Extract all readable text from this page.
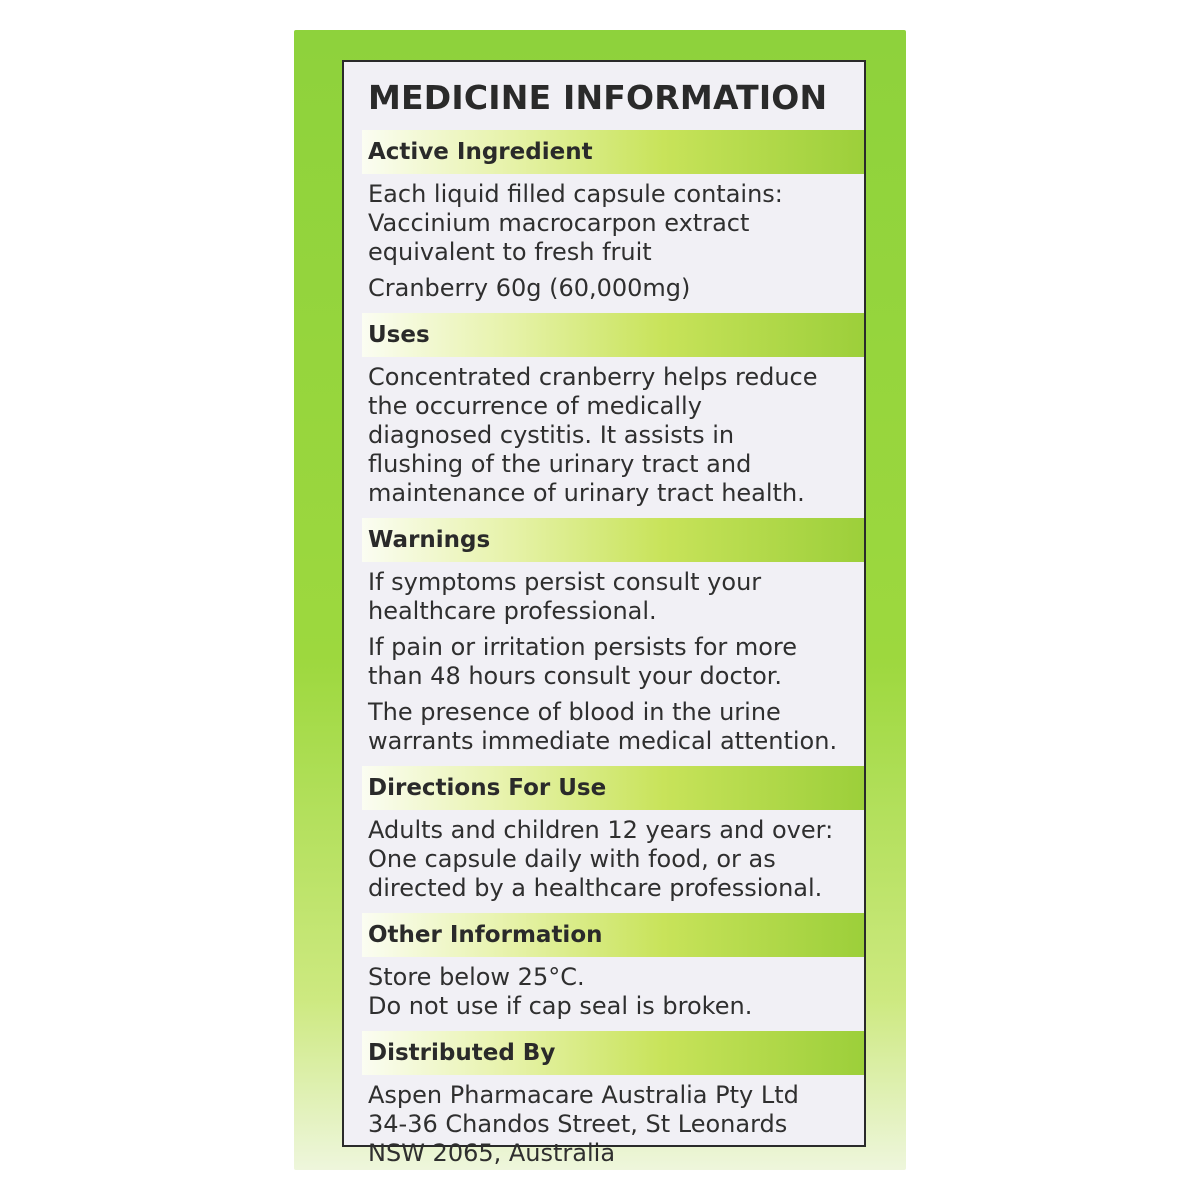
MEDICINE INFORMATION
Active Ingredient

Each liquid filled capsule contains:
Vaccinium macrocarpon extract
equivalent to fresh fruit

Cranberry 60g (60,000mg)

Uses

Concentrated cranberry helps reduce
the occurrence of medically
diagnosed cystitis. It assists in
flushing of the urinary tract and
maintenance of urinary tract health.

Warnings

If symptoms persist consult your
healthcare professional.

If pain or irritation persists for more
than 48 hours consult your doctor.

The presence of blood in the urine
warrants immediate medical attention.

Directions For Use

Adults and children 12 years and over:
One capsule daily with food, or as
directed by a healthcare professional.

Other Information

Store below 25°C.
Do not use if cap seal is broken.

Distributed By

Aspen Pharmacare Australia Pty Ltd
34-36 Chandos Street, St Leonards
NSW 2065, Australia
